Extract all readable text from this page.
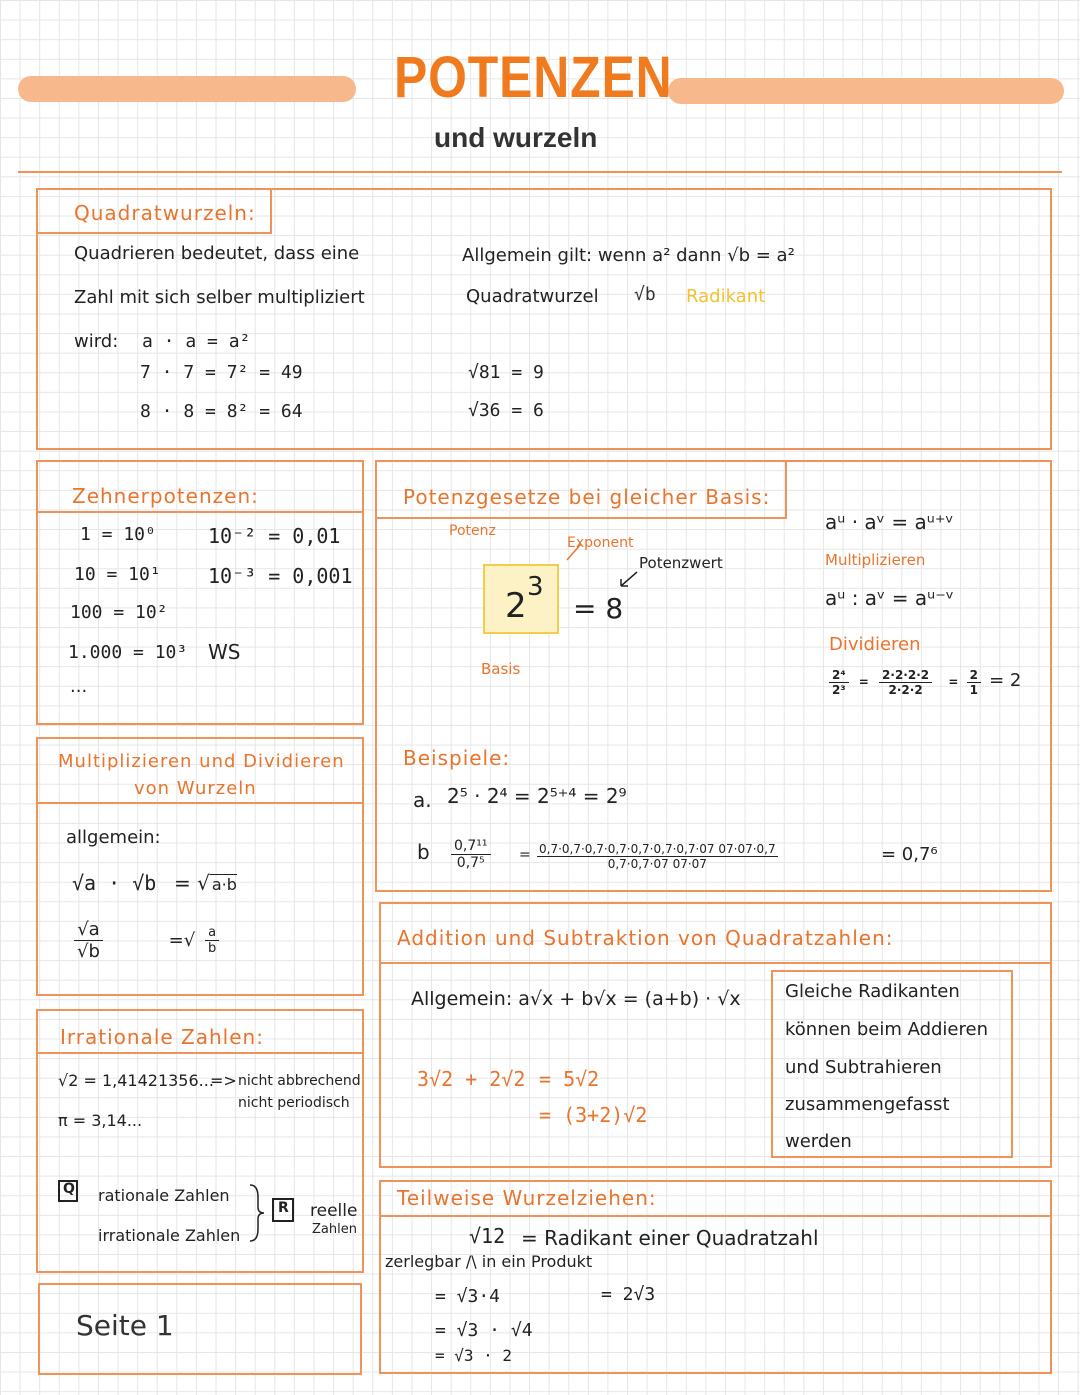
POTENZEN
und wurzeln
Quadratwurzeln:
Quadrieren bedeutet, dass eine
Zahl mit sich selber multipliziert
wird: a · a = a²
7 · 7 = 7² = 49
8 · 8 = 8² = 64
Allgemein gilt: wenn a² dann √b = a²
Quadratwurzel √b Radikant
√81 = 9
√36 = 6
Zehnerpotenzen:
1 = 10⁰
10 = 10¹
100 = 10²
1.000 = 10³
...
10⁻² = 0,01
10⁻³ = 0,001
WS
Potenzgesetze bei gleicher Basis:
Potenz
Exponent
Potenzwert
2 3
= 8
Basis
aᵘ · aᵛ = aᵘ⁺ᵛ
Multiplizieren
aᵘ : aᵛ = aᵘ⁻ᵛ
Dividieren
$\frac{\text{2⁴}}{\text{2³}} = \frac{2\cdot 2\cdot 2\cdot 2}{2\cdot 2\cdot 2} = \frac{2}{1} = 2$
Beispiele:
a. 2⁵ · 2⁴ = 2⁵⁺⁴ = 2⁹
b $\frac{\text{0,7¹¹}}{\text{0,7⁵}} = \frac{0,7\cdot 0,7\cdot 0,7\cdot 0,7\cdot 0,7\cdot 0,7\cdot 0,7\cdot 07 07\cdot 07\cdot 0,7}{0,7\cdot 0,7\cdot 07 07\cdot 07}$	= 0,7⁶
Multiplizieren und Dividieren
von Wurzeln
allgemein:
√a · √b = √ a·b
$\frac{√a}{√b}$	=√ $\frac{a}{b}$	Addition und Subtraktion von Quadratzahlen:
Allgemein: a√x + b√x = (a+b) · √x
3√2 + 2√2 = 5√2
= (3+2)√2
Gleiche Radikanten
können beim Addieren
und Subtrahieren
zusammengefasst
werden
Irrationale Zahlen:
√2 = 1,41421356...
=> nicht abbrechend
nicht periodisch
π = 3,14...
Q rationale Zahlen
irrationale Zahlen
R reelle
Zahlen
Teilweise Wurzelziehen:
√12 = Radikant einer Quadratzahl
zerlegbar /\ in ein Produkt
= √3·4	= 2√3
= √3 · √4
= √3 · 2
Seite 1
